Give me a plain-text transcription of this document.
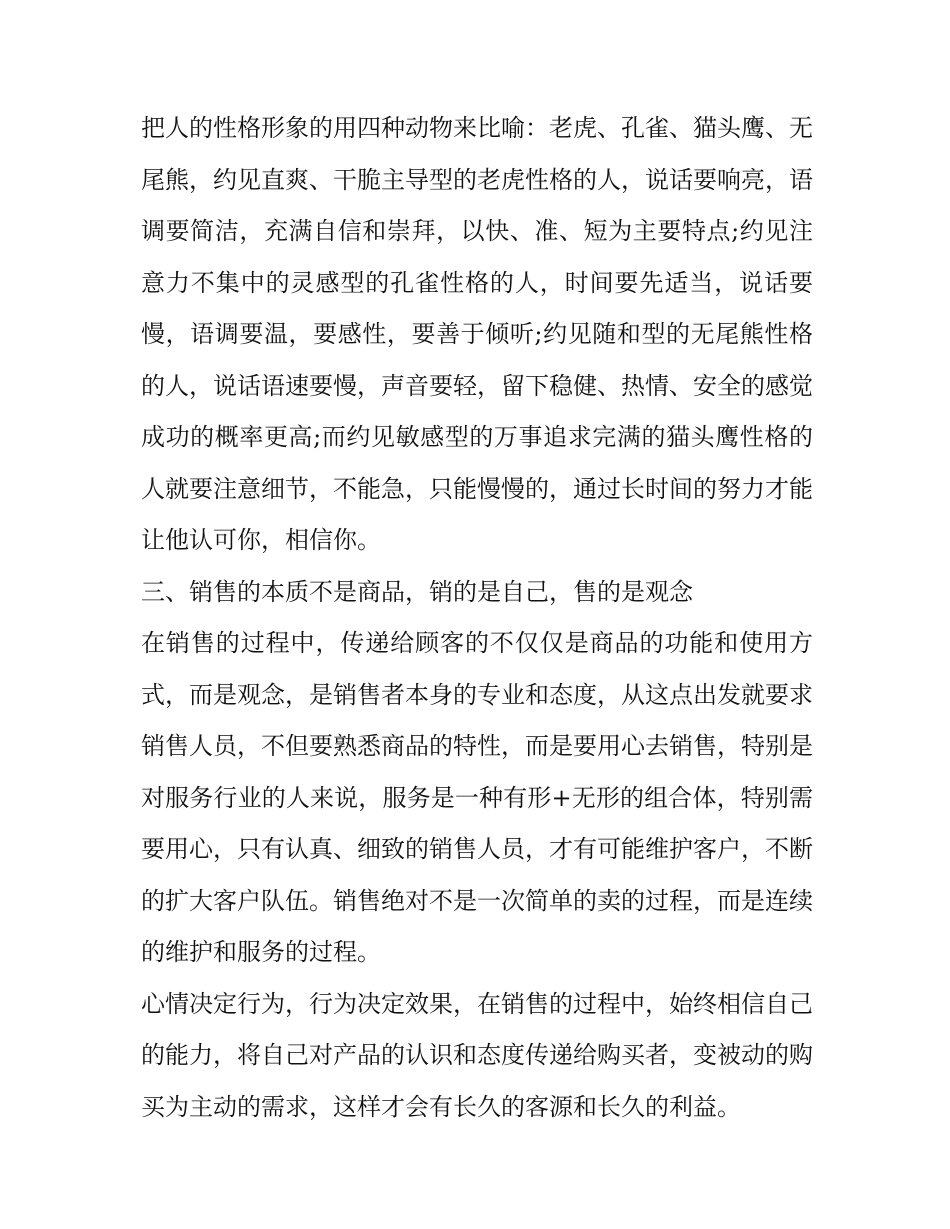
把人的性格形象的用四种动物来比喻：老虎、孔雀、猫头鹰、无尾熊，约见直爽、干脆主导型的老虎性格的人，说话要响亮，语调要简洁，充满自信和崇拜，以快、准、短为主要特点;约见注意力不集中的灵感型的孔雀性格的人，时间要先适当，说话要慢，语调要温，要感性，要善于倾听;约见随和型的无尾熊性格的人，说话语速要慢，声音要轻，留下稳健、热情、安全的感觉成功的概率更高;而约见敏感型的万事追求完满的猫头鹰性格的人就要注意细节，不能急，只能慢慢的，通过长时间的努力才能让他认可你，相信你。

三、销售的本质不是商品，销的是自己，售的是观念

在销售的过程中，传递给顾客的不仅仅是商品的功能和使用方式，而是观念，是销售者本身的专业和态度，从这点出发就要求销售人员，不但要熟悉商品的特性，而是要用心去销售，特别是对服务行业的人来说，服务是一种有形+无形的组合体，特别需要用心，只有认真、细致的销售人员，才有可能维护客户，不断的扩大客户队伍。销售绝对不是一次简单的卖的过程，而是连续的维护和服务的过程。

心情决定行为，行为决定效果，在销售的过程中，始终相信自己的能力，将自己对产品的认识和态度传递给购买者，变被动的购买为主动的需求，这样才会有长久的客源和长久的利益。
